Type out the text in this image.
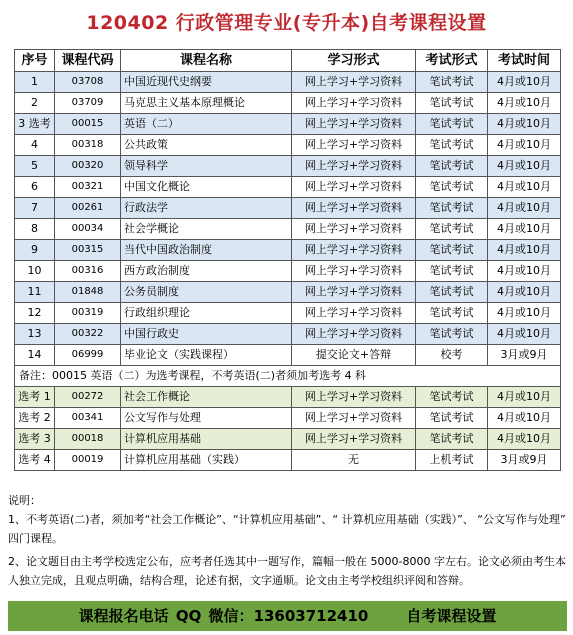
120402 行政管理专业(专升本)自考课程设置
序号	课程代码	课程名称	学习形式	考试形式	考试时间
1	03708	中国近现代史纲要	网上学习+学习资料	笔试考试	4月或10月
2	03709	马克思主义基本原理概论	网上学习+学习资料	笔试考试	4月或10月
3 选考	00015	英语（二）	网上学习+学习资料	笔试考试	4月或10月
4	00318	公共政策	网上学习+学习资料	笔试考试	4月或10月
5	00320	领导科学	网上学习+学习资料	笔试考试	4月或10月
6	00321	中国文化概论	网上学习+学习资料	笔试考试	4月或10月
7	00261	行政法学	网上学习+学习资料	笔试考试	4月或10月
8	00034	社会学概论	网上学习+学习资料	笔试考试	4月或10月
9	00315	当代中国政治制度	网上学习+学习资料	笔试考试	4月或10月
10	00316	西方政治制度	网上学习+学习资料	笔试考试	4月或10月
11	01848	公务员制度	网上学习+学习资料	笔试考试	4月或10月
12	00319	行政组织理论	网上学习+学习资料	笔试考试	4月或10月
13	00322	中国行政史	网上学习+学习资料	笔试考试	4月或10月
14	06999	毕业论文（实践课程）	提交论文+答辩	校考	3月或9月
备注：00015 英语（二）为选考课程，不考英语(二)者须加考选考 4 科					
选考 1	00272	社会工作概论	网上学习+学习资料	笔试考试	4月或10月
选考 2	00341	公文写作与处理	网上学习+学习资料	笔试考试	4月或10月
选考 3	00018	计算机应用基础	网上学习+学习资料	笔试考试	4月或10月
选考 4	00019	计算机应用基础（实践）	无	上机考试	3月或9月

说明：

1、不考英语(二)者，须加考“社会工作概论”、“计算机应用基础”、“ 计算机应用基础（实践）”、 “公文写作与处理” 四门课程。

2、论文题目由主考学校选定公布，应考者任选其中一题写作，篇幅一般在 5000-8000 字左右。论文必须由考生本人独立完成，且观点明确，结构合理，论述有据，文字通顺。论文由主考学校组织评阅和答辩。

课程报名电话 QQ 微信：13603712410	自考课程设置
